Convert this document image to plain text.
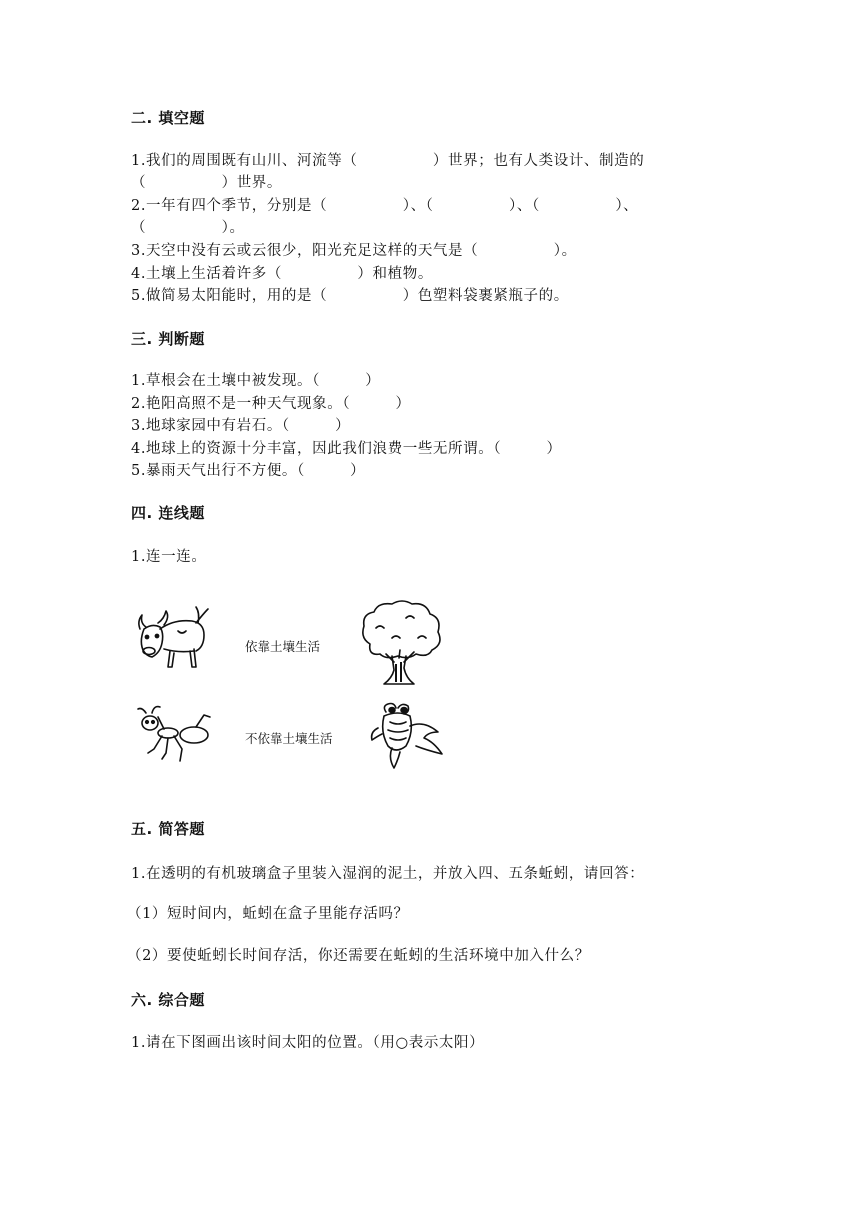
二. 填空题
1.我们的周围既有山川、河流等（　　　　　）世界；也有人类设计、制造的
（　　　　　）世界。
2.一年有四个季节，分别是（　　　　　）、（　　　　　）、（　　　　　）、
（　　　　　）。
3.天空中没有云或云很少，阳光充足这样的天气是（　　　　　）。
4.土壤上生活着许多（　　　　　）和植物。
5.做简易太阳能时，用的是（　　　　　）色塑料袋裹紧瓶子的。
三. 判断题
1.草根会在土壤中被发现。（　　　）
2.艳阳高照不是一种天气现象。（　　　）
3.地球家园中有岩石。（　　　）
4.地球上的资源十分丰富，因此我们浪费一些无所谓。（　　　）
5.暴雨天气出行不方便。（　　　）
四. 连线题
1.连一连。
依靠土壤生活
不依靠土壤生活
五. 简答题
1.在透明的有机玻璃盒子里装入湿润的泥土，并放入四、五条蚯蚓，请回答：
（1）短时间内，蚯蚓在盒子里能存活吗？
（2）要使蚯蚓长时间存活，你还需要在蚯蚓的生活环境中加入什么？
六. 综合题
1.请在下图画出该时间太阳的位置。（用○表示太阳）
